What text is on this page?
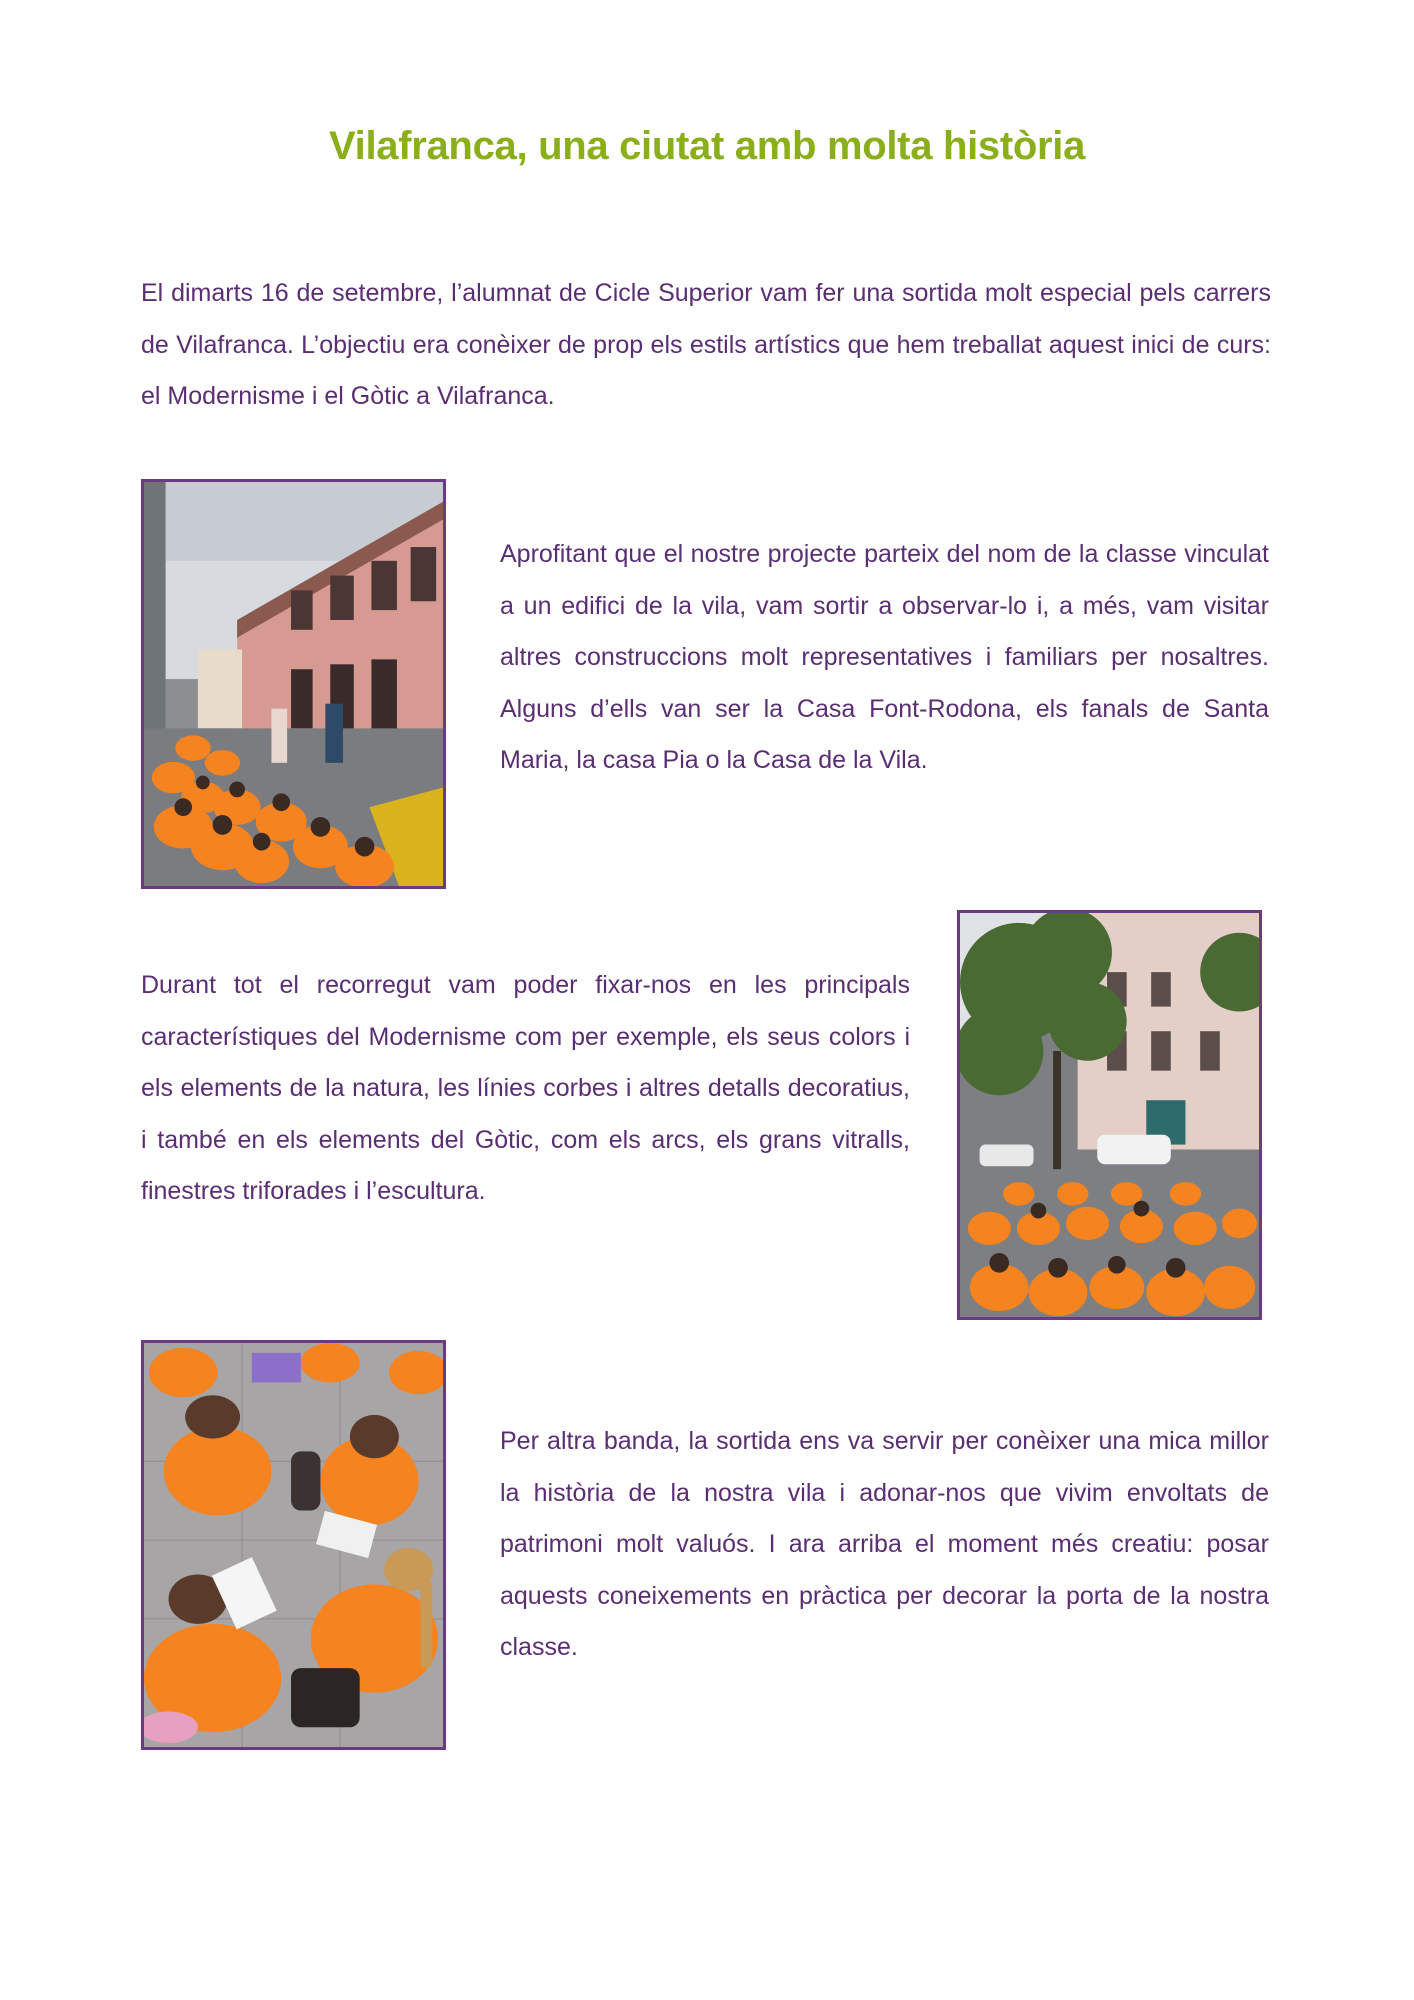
Vilafranca, una ciutat amb molta història

El dimarts 16 de setembre, l’alumnat de Cicle Superior vam fer una sortida molt especial pels carrers de Vilafranca. L’objectiu era conèixer de prop els estils artístics que hem treballat aquest inici de curs: el Modernisme i el Gòtic a Vilafranca.

Aprofitant que el nostre projecte parteix del nom de la classe vinculat a un edifici de la vila, vam sortir a observar-lo i, a més, vam visitar altres construccions molt representatives i familiars per nosaltres. Alguns d’ells van ser la Casa Font-Rodona, els fanals de Santa Maria, la casa Pia o la Casa de la Vila.

Durant tot el recorregut vam poder fixar-nos en les principals característiques del Modernisme com per exemple, els seus colors i els elements de la natura, les línies corbes i altres detalls decoratius, i també en els elements del Gòtic, com els arcs, els grans vitralls, finestres triforades i l’escultura.

Per altra banda, la sortida ens va servir per conèixer una mica millor la història de la nostra vila i adonar-nos que vivim envoltats de patrimoni molt valuós. I ara arriba el moment més creatiu: posar aquests coneixements en pràctica per decorar la porta de la nostra classe.
